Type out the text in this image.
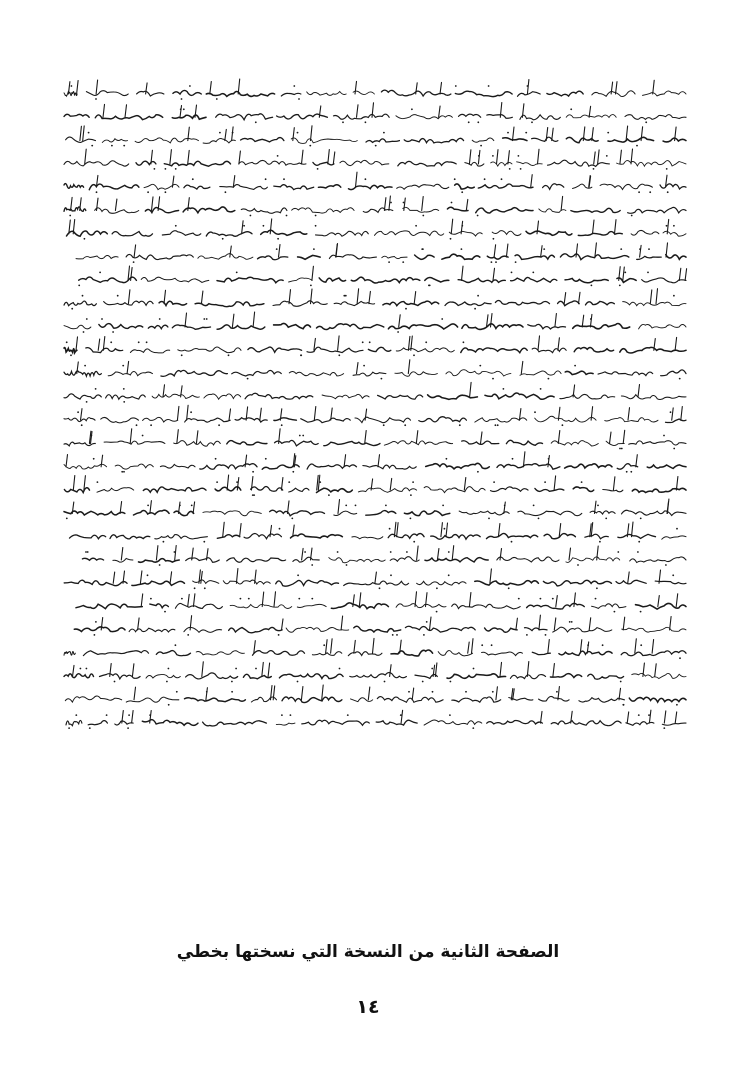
الصفحة الثانية من النسخة التي نسختها بخطي
١٤
